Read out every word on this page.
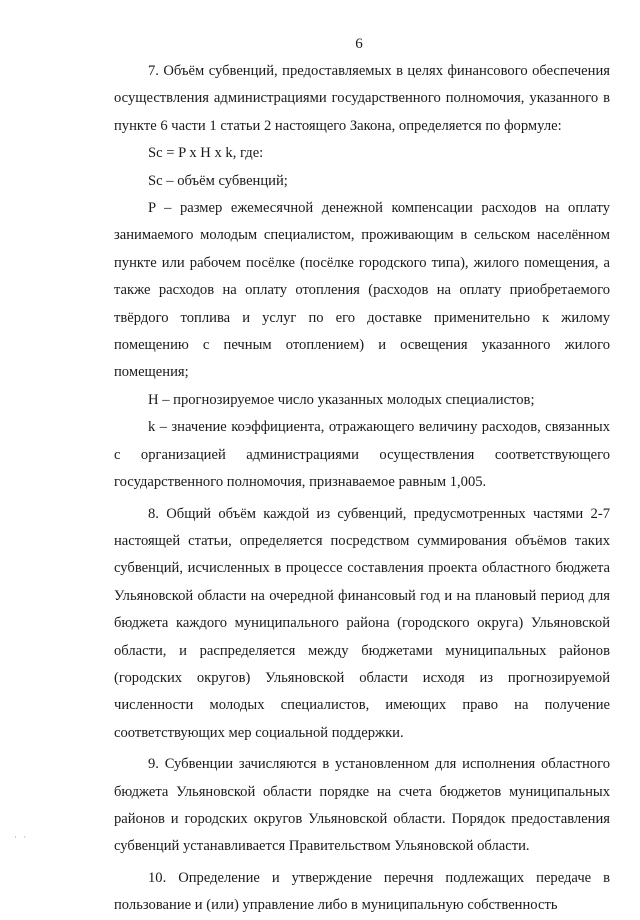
6

7. Объём субвенций, предоставляемых в целях финансового обеспечения осуществления администрациями государственного полномочия, указанного в пункте 6 части 1 статьи 2 настоящего Закона, определяется по формуле:

Sc = P x H x k, где:

Sc – объём субвенций;

P – размер ежемесячной денежной компенсации расходов на оплату занимаемого молодым специалистом, проживающим в сельском населённом пункте или рабочем посёлке (посёлке городского типа), жилого помещения, а также расходов на оплату отопления (расходов на оплату приобретаемого твёрдого топлива и услуг по его доставке применительно к жилому помещению с печным отоплением) и освещения указанного жилого помещения;

H – прогнозируемое число указанных молодых специалистов;

k – значение коэффициента, отражающего величину расходов, связанных с организацией администрациями осуществления соответствующего государственного полномочия, признаваемое равным 1,005.

8. Общий объём каждой из субвенций, предусмотренных частями 2-7 настоящей статьи, определяется посредством суммирования объёмов таких субвенций, исчисленных в процессе составления проекта областного бюджета Ульяновской области на очередной финансовый год и на плановый период для бюджета каждого муниципального района (городского округа) Ульяновской области, и распределяется между бюджетами муниципальных районов (городских округов) Ульяновской области исходя из прогнозируемой численности молодых специалистов, имеющих право на получение соответствующих мер социальной поддержки.

9. Субвенции зачисляются в установленном для исполнения областного бюджета Ульяновской области порядке на счета бюджетов муниципальных районов и городских округов Ульяновской области. Порядок предоставления субвенций устанавливается Правительством Ульяновской области.

10. Определение и утверждение перечня подлежащих передаче в пользование и (или) управление либо в муниципальную собственность

· ·
